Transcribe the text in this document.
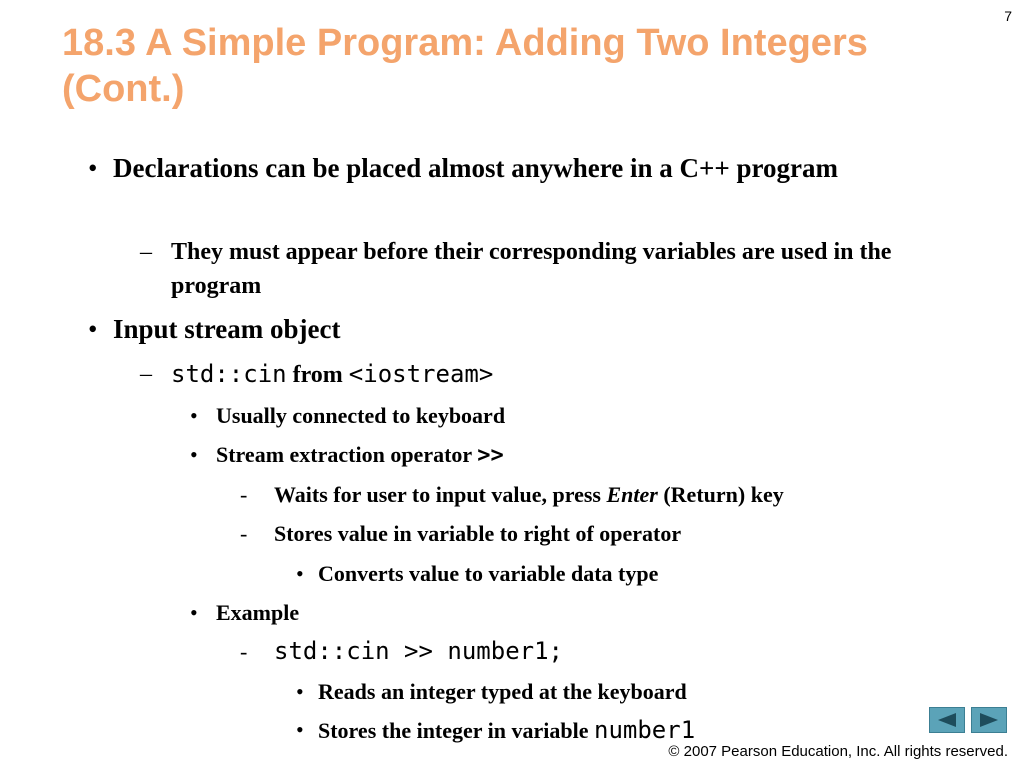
7
18.3 A Simple Program: Adding Two Integers (Cont.)
• Declarations can be placed almost anywhere in a C++ program
– They must appear before their corresponding variables are used in the program
• Input stream object
– std::cin from <iostream>
• Usually connected to keyboard
• Stream extraction operator >>
- Waits for user to input value, press Enter (Return) key
- Stores value in variable to right of operator
• Converts value to variable data type
• Example
- std::cin >> number1;
• Reads an integer typed at the keyboard
• Stores the integer in variable number1
© 2007 Pearson Education, Inc. All rights reserved.
